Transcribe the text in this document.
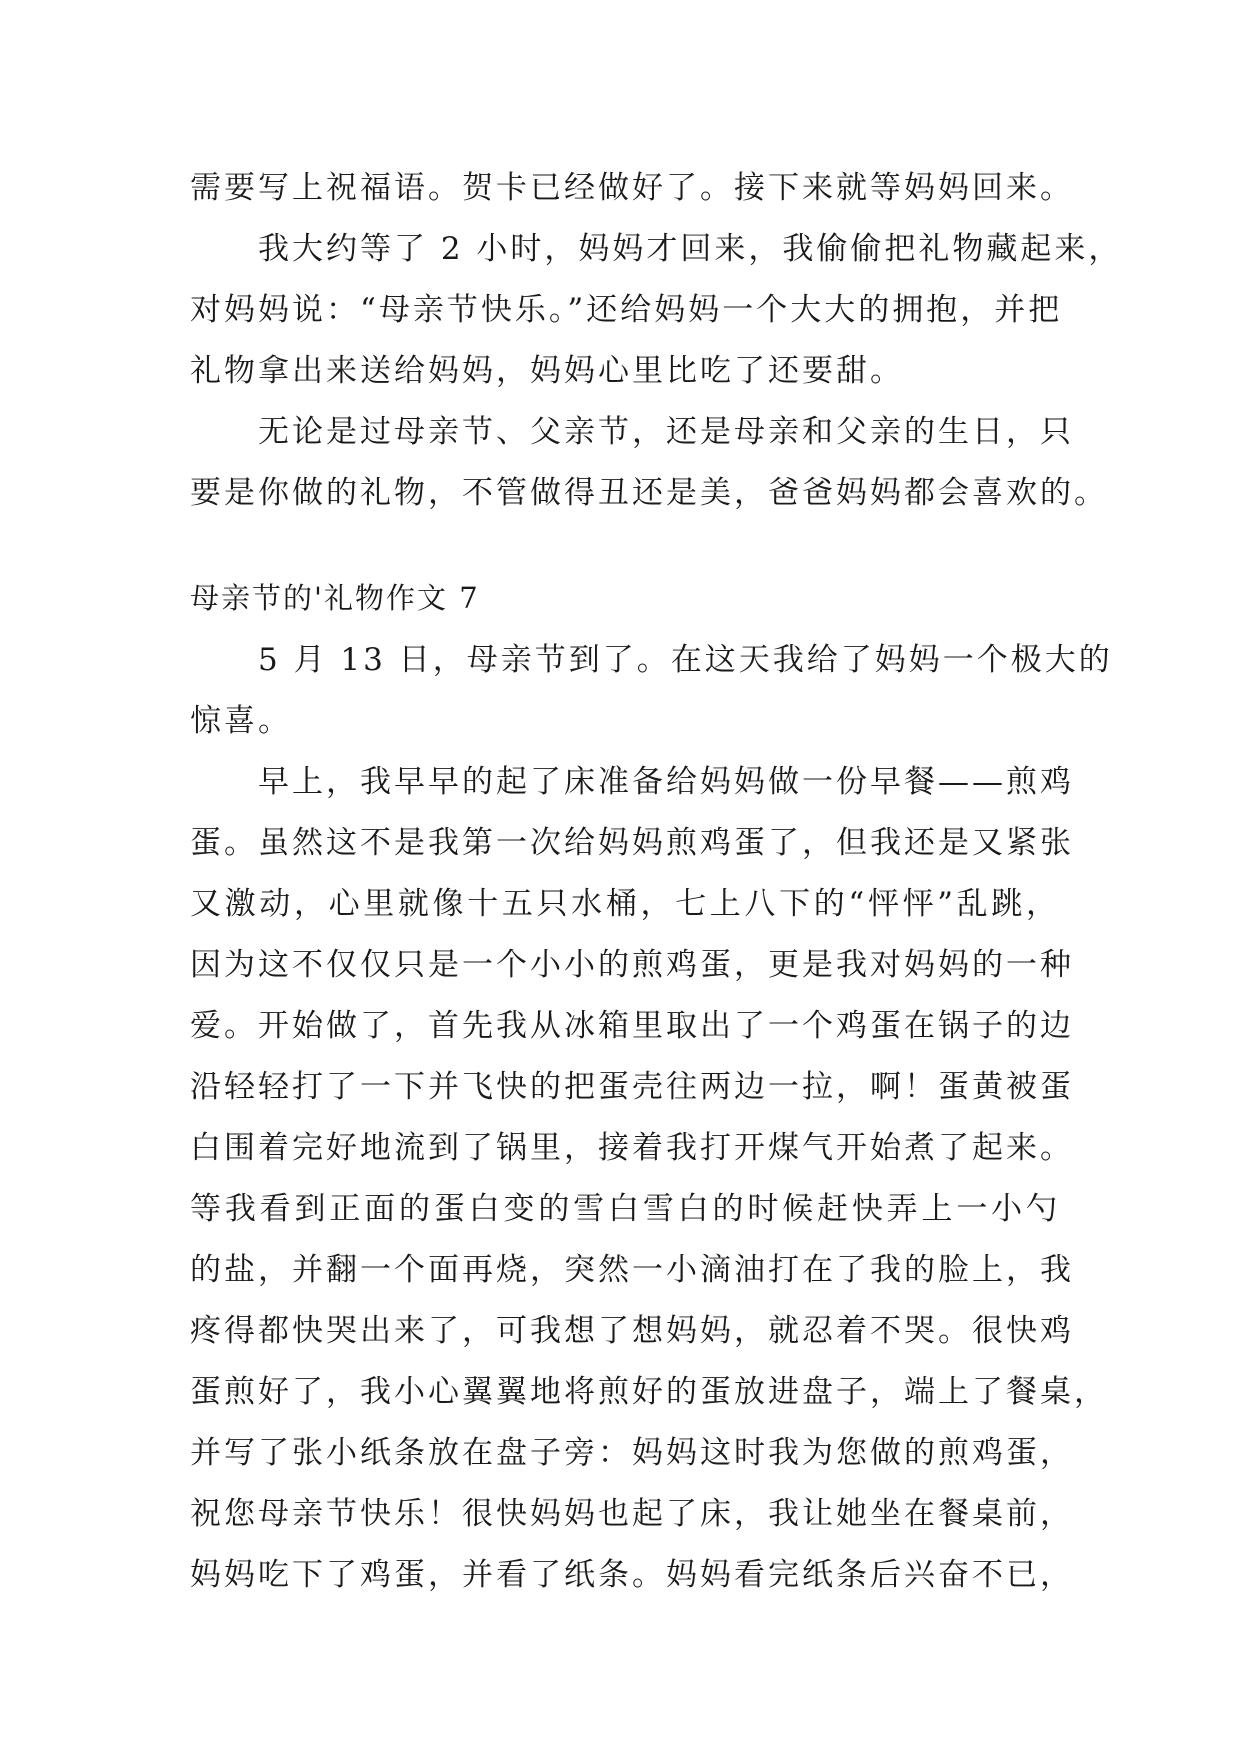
需要写上祝福语。贺卡已经做好了。接下来就等妈妈回来。
我大约等了 2 小时，妈妈才回来，我偷偷把礼物藏起来，
对妈妈说：“母亲节快乐。”还给妈妈一个大大的拥抱，并把
礼物拿出来送给妈妈，妈妈心里比吃了还要甜。
无论是过母亲节、父亲节，还是母亲和父亲的生日，只
要是你做的礼物，不管做得丑还是美，爸爸妈妈都会喜欢的。
母亲节的'礼物作文 7
5 月 13 日，母亲节到了。在这天我给了妈妈一个极大的
惊喜。
早上，我早早的起了床准备给妈妈做一份早餐——煎鸡
蛋。虽然这不是我第一次给妈妈煎鸡蛋了，但我还是又紧张
又激动，心里就像十五只水桶，七上八下的“怦怦”乱跳，
因为这不仅仅只是一个小小的煎鸡蛋，更是我对妈妈的一种
爱。开始做了，首先我从冰箱里取出了一个鸡蛋在锅子的边
沿轻轻打了一下并飞快的把蛋壳往两边一拉，啊！蛋黄被蛋
白围着完好地流到了锅里，接着我打开煤气开始煮了起来。
等我看到正面的蛋白变的雪白雪白的时候赶快弄上一小勺
的盐，并翻一个面再烧，突然一小滴油打在了我的脸上，我
疼得都快哭出来了，可我想了想妈妈，就忍着不哭。很快鸡
蛋煎好了，我小心翼翼地将煎好的蛋放进盘子，端上了餐桌，
并写了张小纸条放在盘子旁：妈妈这时我为您做的煎鸡蛋，
祝您母亲节快乐！很快妈妈也起了床，我让她坐在餐桌前，
妈妈吃下了鸡蛋，并看了纸条。妈妈看完纸条后兴奋不已，
